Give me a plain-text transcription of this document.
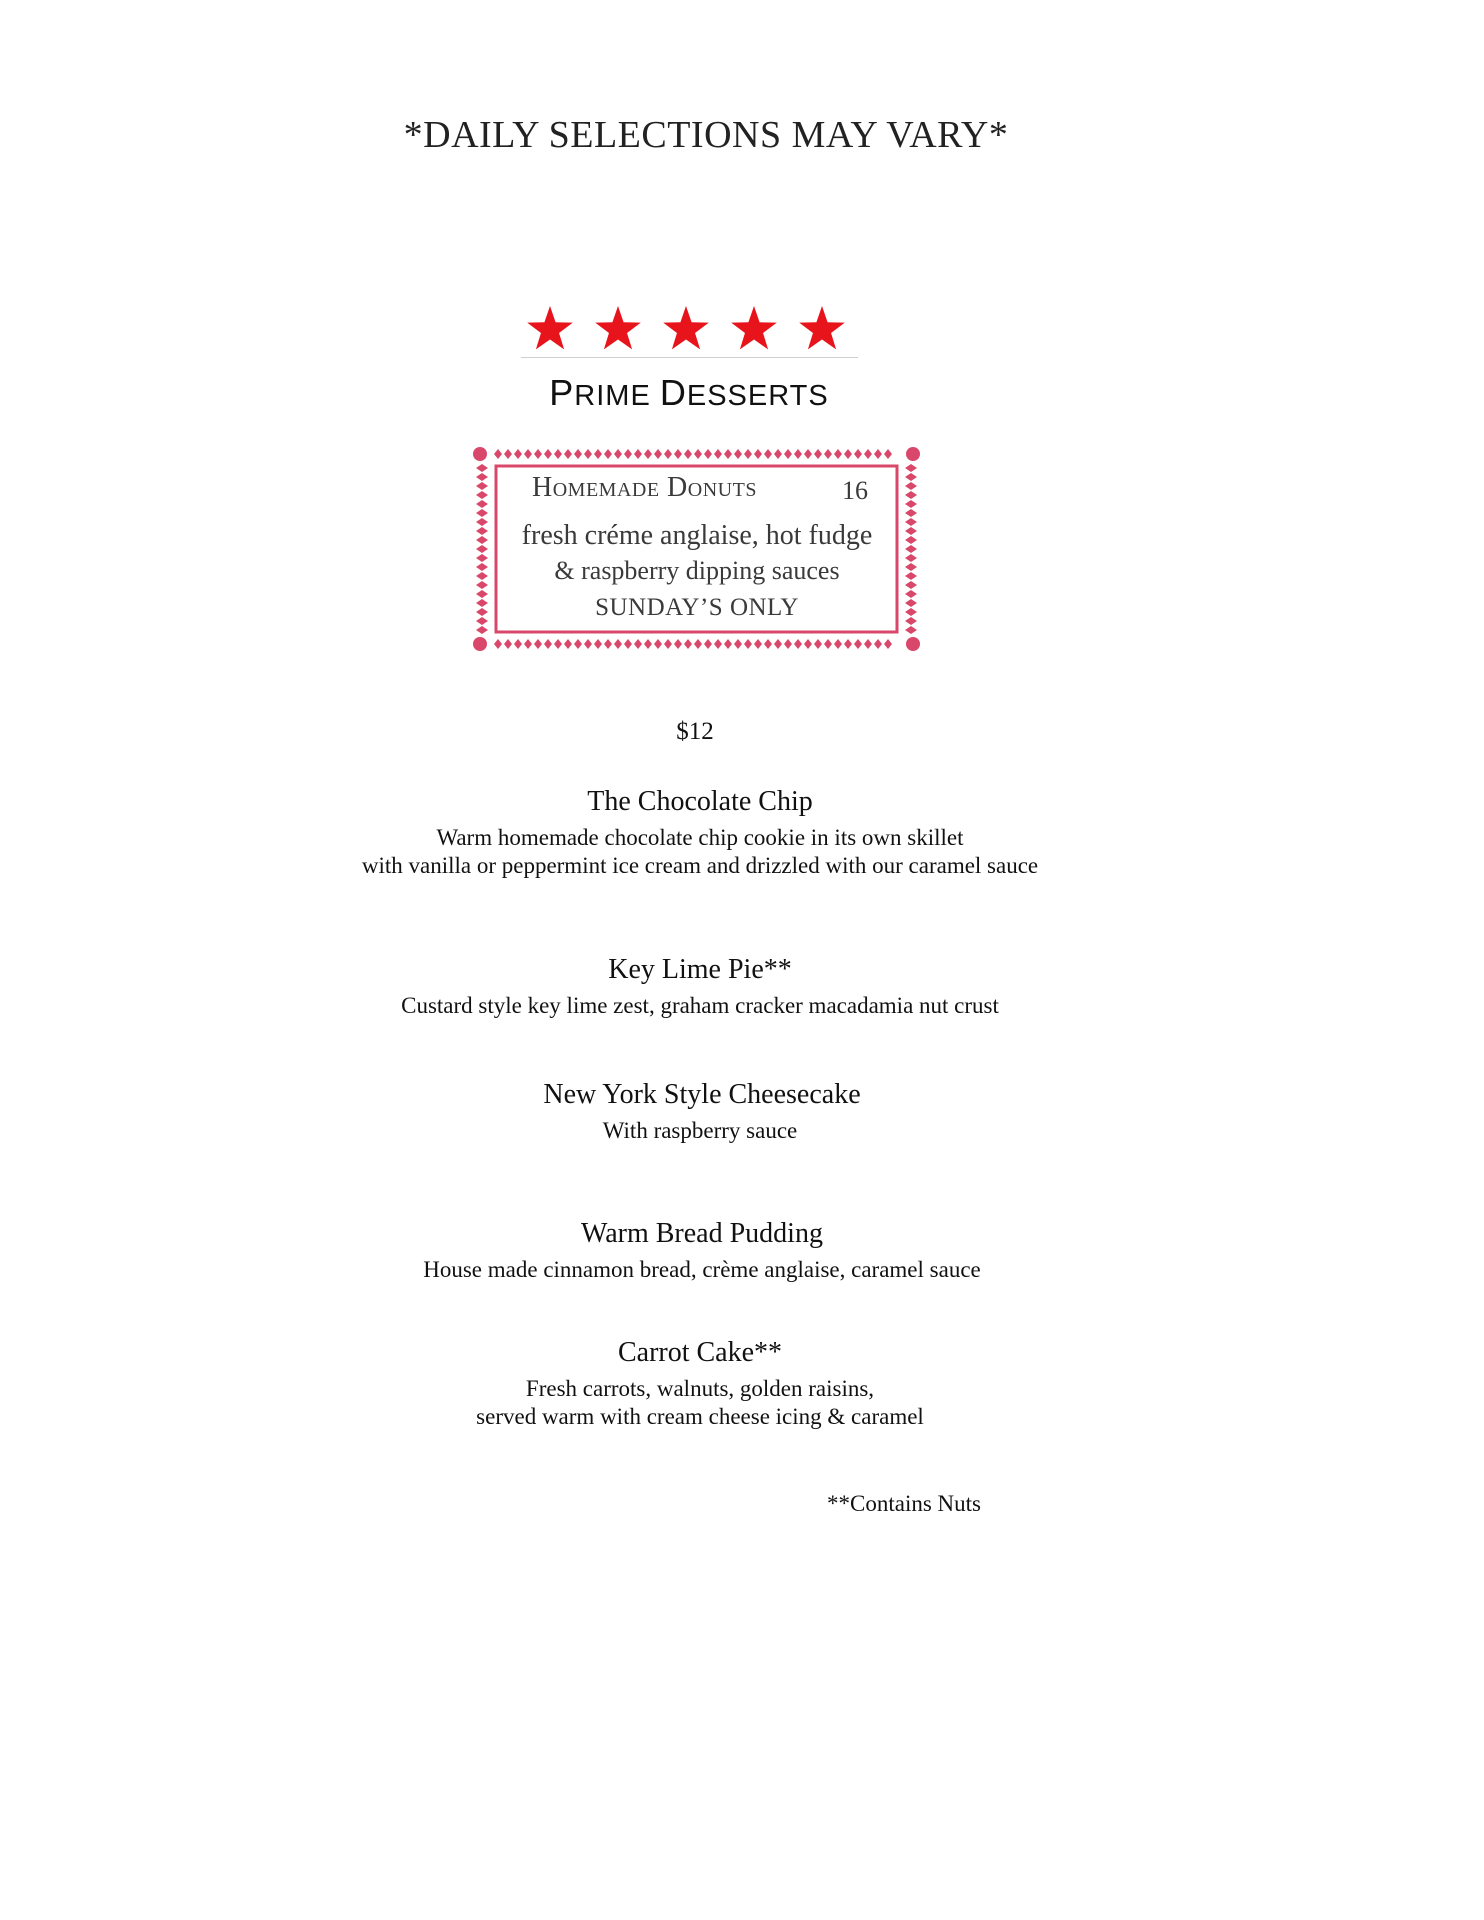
*DAILY SELECTIONS MAY VARY*
PRIME DESSERTS
Homemade Donuts	16
fresh créme anglaise, hot fudge
& raspberry dipping sauces
SUNDAY’S ONLY
$12
The Chocolate Chip
Warm homemade chocolate chip cookie in its own skillet
with vanilla or peppermint ice cream and drizzled with our caramel sauce
Key Lime Pie**
Custard style key lime zest, graham cracker macadamia nut crust
New York Style Cheesecake
With raspberry sauce
Warm Bread Pudding
House made cinnamon bread, crème anglaise, caramel sauce
Carrot Cake**
Fresh carrots, walnuts, golden raisins,
served warm with cream cheese icing & caramel
**Contains Nuts
